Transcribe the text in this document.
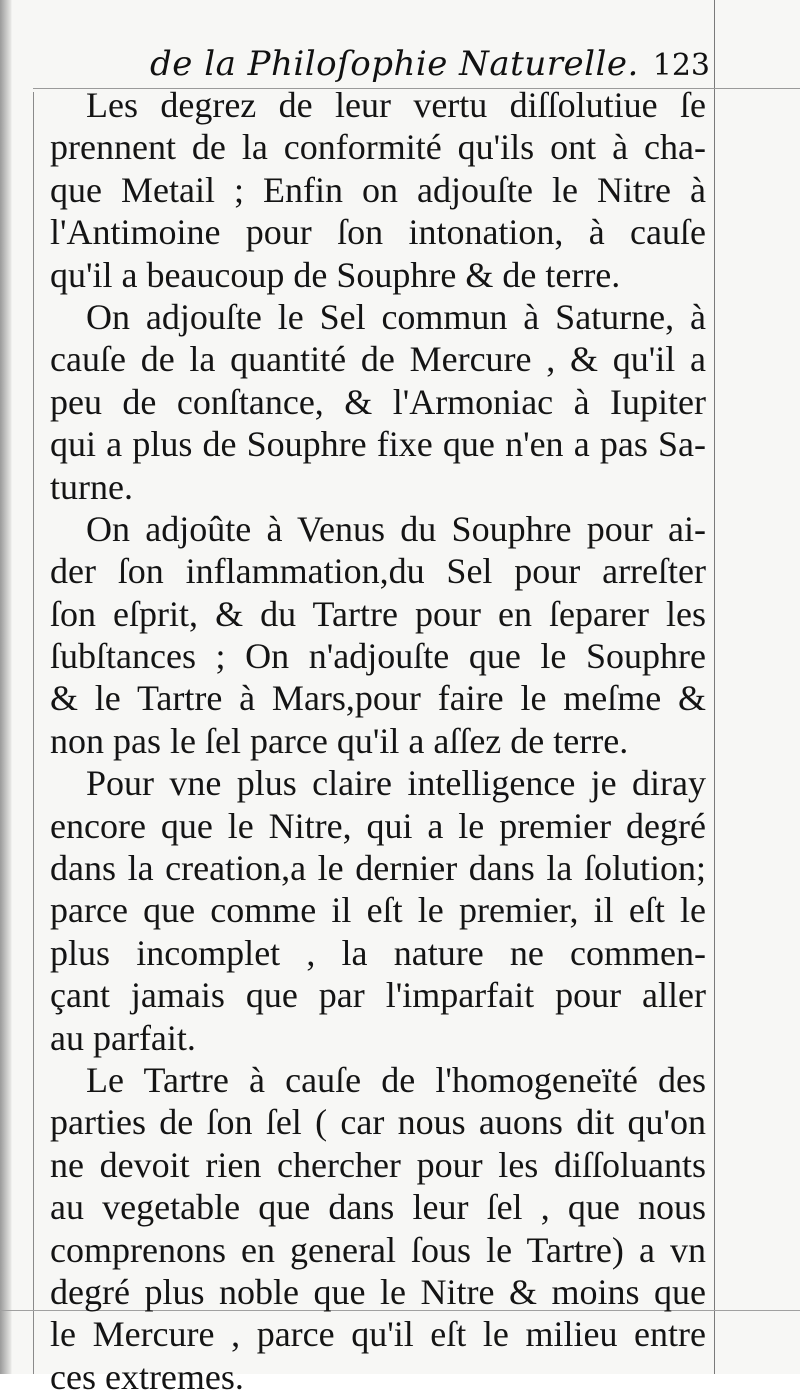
de la Philoſophie Naturelle. 123
Les degrez de leur vertu diſſolutiue ſe
prennent de la conformité qu'ils ont à cha-
que Metail ; Enfin on adjouſte le Nitre à
l'Antimoine pour ſon intonation, à cauſe
qu'il a beaucoup de Souphre & de terre.
On adjouſte le Sel commun à Saturne, à
cauſe de la quantité de Mercure , & qu'il a
peu de conſtance, & l'Armoniac à Iupiter
qui a plus de Souphre fixe que n'en a pas Sa-
turne.
On adjoûte à Venus du Souphre pour ai-
der ſon inflammation,du Sel pour arreſter
ſon eſprit, & du Tartre pour en ſeparer les
ſubſtances ; On n'adjouſte que le Souphre
& le Tartre à Mars,pour faire le meſme &
non pas le ſel parce qu'il a aſſez de terre.
Pour vne plus claire intelligence je diray
encore que le Nitre, qui a le premier degré
dans la creation,a le dernier dans la ſolution;
parce que comme il eſt le premier, il eſt le
plus incomplet , la nature ne commen-
çant jamais que par l'imparfait pour aller
au parfait.
Le Tartre à cauſe de l'homogeneïté des
parties de ſon ſel ( car nous auons dit qu'on
ne devoit rien chercher pour les diſſoluants
au vegetable que dans leur ſel , que nous
comprenons en general ſous le Tartre) a vn
degré plus noble que le Nitre & moins que
le Mercure , parce qu'il eſt le milieu entre
ces extremes.
